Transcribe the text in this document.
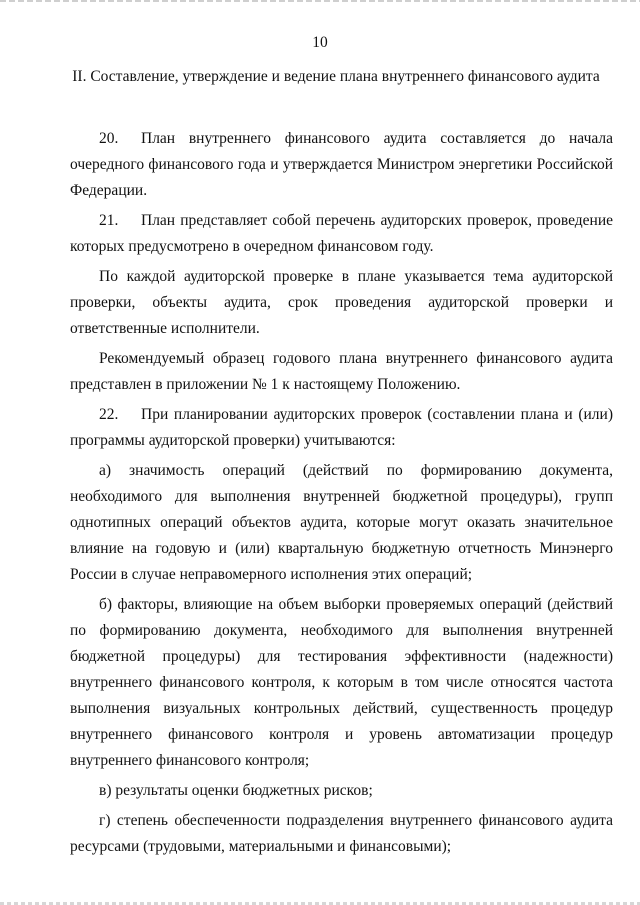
10
II. Составление, утверждение и ведение плана внутреннего финансового аудита

20. План внутреннего финансового аудита составляется до начала очередного финансового года и утверждается Министром энергетики Российской Федерации.

21. План представляет собой перечень аудиторских проверок, проведение которых предусмотрено в очередном финансовом году.

По каждой аудиторской проверке в плане указывается тема аудиторской проверки, объекты аудита, срок проведения аудиторской проверки и ответственные исполнители.

Рекомендуемый образец годового плана внутреннего финансового аудита представлен в приложении № 1 к настоящему Положению.

22. При планировании аудиторских проверок (составлении плана и (или) программы аудиторской проверки) учитываются:

а) значимость операций (действий по формированию документа, необходимого для выполнения внутренней бюджетной процедуры), групп однотипных операций объектов аудита, которые могут оказать значительное влияние на годовую и (или) квартальную бюджетную отчетность Минэнерго России в случае неправомерного исполнения этих операций;

б) факторы, влияющие на объем выборки проверяемых операций (действий по формированию документа, необходимого для выполнения внутренней бюджетной процедуры) для тестирования эффективности (надежности) внутреннего финансового контроля, к которым в том числе относятся частота выполнения визуальных контрольных действий, существенность процедур внутреннего финансового контроля и уровень автоматизации процедур внутреннего финансового контроля;

в) результаты оценки бюджетных рисков;

г) степень обеспеченности подразделения внутреннего финансового аудита ресурсами (трудовыми, материальными и финансовыми);
